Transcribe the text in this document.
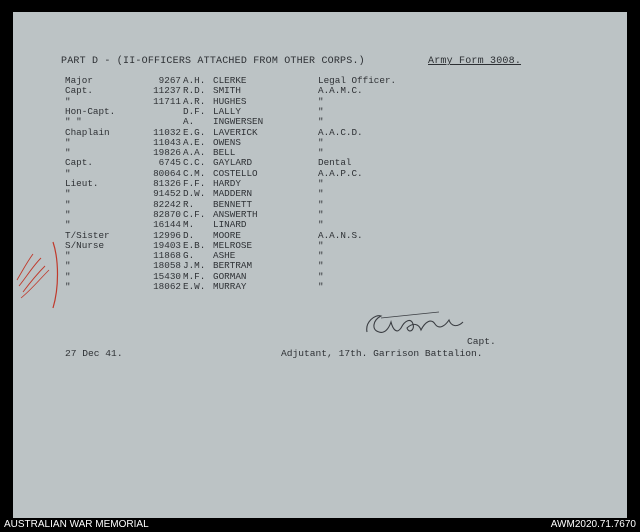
PART D - (II-OFFICERS ATTACHED FROM OTHER CORPS.)	Army Form 3008.
Major	9267 A.H. CLERKE	Legal Officer.
Capt.	11237 R.D. SMITH	A.A.M.C.
"	11711 A.R. HUGHES	"
Hon-Capt.	D.F. LALLY	"
" "	A. INGWERSEN	"
Chaplain	11032 E.G. LAVERICK	A.A.C.D.
"	11043 A.E. OWENS	"
"	19826 A.A. BELL	"
Capt.	6745 C.C. GAYLARD	Dental
"	80064 C.M. COSTELLO	A.A.P.C.
Lieut.	81326 F.F. HARDY	"
"	91452 D.W. MADDERN	"
"	82242 R. BENNETT	"
"	82870 C.F. ANSWERTH	"
"	16144 M. LINARD	"
T/Sister	12996 D. MOORE	A.A.N.S.
S/Nurse	19403 E.B. MELROSE	"
"	11868 G. ASHE	"
"	18058 J.M. BERTRAM	"
"	15430 M.F. GORMAN	"
"	18062 E.W. MURRAY	"
Capt.
27 Dec 41.	Adjutant, 17th. Garrison Battalion.
AUSTRALIAN WAR MEMORIAL	AWM2020.71.7670
